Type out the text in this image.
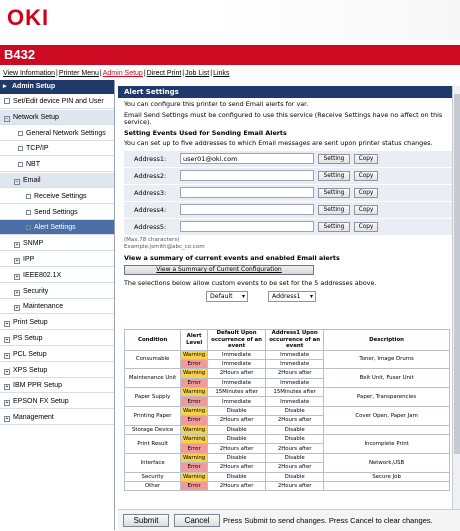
OKI
B432
View Information|Printer Menu|Admin Setup|Direct Print|Job List|Links
▸ Admin Setup
Set/Edit device PIN and User
− Network Setup
General Network Settings
TCP/IP
NBT
− Email
Receive Settings
Send Settings
Alert Settings
+ SNMP
+ IPP
+ IEEE802.1X
+ Security
+ Maintenance
+ Print Setup
+ PS Setup
+ PCL Setup
+ XPS Setup
+ IBM PPR Setup
+ EPSON FX Setup
+ Management
Alert Settings
You can configure this printer to send Email alerts for var.
Email Send Settings must be configured to use this service (Receive Settings have no affect on this service).
Setting Events Used for Sending Email Alerts
You can set up to five addresses to which Email messages are sent upon printer status changes.
Address1:	user01@oki.com	Setting	Copy
Address2:	Setting	Copy
Address3:	Setting	Copy
Address4:	Setting	Copy
Address5:	Setting	Copy
(Max.78 characters)
Example:jsmith@abc_co.com
View a summary of current events and enabled Email alerts
View a Summary of Current Configuration
The selections below allow custom events to be set for the 5 addresses above.
Default ▾	Address1 ▾
Condition	Alert Level	Default Upon occurrence of an event	Address1 Upon occurrence of an event	Description
Consumable	Warning	Immediate	Immediate	Toner, Image Drums
	Error	Immediate	Immediate	
Maintenance Unit	Warning	2Hours after	2Hours after	Belt Unit, Fuser Unit
	Error	Immediate	Immediate	
Paper Supply	Warning	15Minutes after	15Minutes after	Paper, Transparencies
	Error	Immediate	Immediate	
Printing Paper	Warning	Disable	Disable	Cover Open, Paper Jam
	Error	2Hours after	2Hours after	
Storage Device	Warning	Disable	Disable	
Print Result	Warning	Disable	Disable	Incomplete Print
	Error	2Hours after	2Hours after	
Interface	Warning	Disable	Disable	Network,USB
	Error	2Hours after	2Hours after	
Security	Warning	Disable	Disable	Secure Job
Other	Error	2Hours after	2Hours after	
Submit	Cancel	Press Submit to send changes. Press Cancel to clear changes.
